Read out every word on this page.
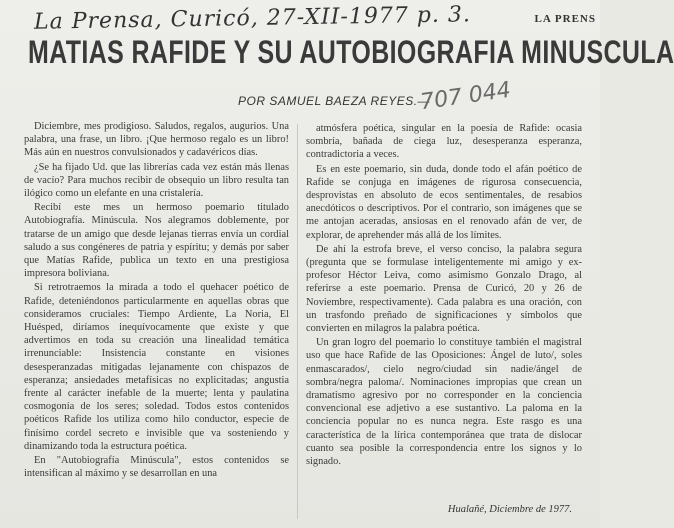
La Prensa, Curicó, 27-XII-1977 p. 3.	LA PRENS
MATIAS RAFIDE Y SU AUTOBIOGRAFIA MINUSCULA
POR SAMUEL BAEZA REYES.—
707 044

Diciembre, mes prodigioso. Saludos, regalos, augurios. Una palabra, una frase, un libro. ¡Que hermoso regalo es un libro! Más aún en nuestros convulsionados y cadavéricos días.

¿Se ha fijado Ud. que las librerías cada vez están más llenas de vacío? Para muchos recibir de obsequio un libro resulta tan ilógico como un elefante en una cristalería.

Recibí este mes un hermoso poemario titulado Autobiografía. Minúscula. Nos alegramos doblemente, por tratarse de un amigo que desde lejanas tierras envía un cordial saludo a sus congéneres de patria y espíritu; y demás por saber que Matías Rafide, publica un texto en una prestigiosa impresora boliviana.

Si retrotraemos la mirada a todo el quehacer poético de Rafide, deteniéndonos particularmente en aquellas obras que consideramos cruciales: Tiempo Ardiente, La Noria, El Huésped, diríamos inequívocamente que existe y que advertimos en toda su creación una linealidad temática irrenunciable: Insistencia constante en visiones desesperanzadas mitigadas lejanamente con chispazos de esperanza; ansiedades metafísicas no explicitadas; angustia frente al carácter inefable de la muerte; lenta y paulatina cosmogonía de los seres; soledad. Todos estos contenidos poéticos Rafide los utiliza como hilo conductor, especie de finísimo cordel secreto e invisible que va sosteniendo y dinamizando toda la estructura poética.

En "Autobiografía Minúscula", estos contenidos se intensifican al máximo y se desarrollan en una

atmósfera poética, singular en la poesía de Rafide: ocasia sombría, bañada de ciega luz, desesperanza esperanza, contradictoria a veces.

Es en este poemario, sin duda, donde todo el afán poético de Rafide se conjuga en imágenes de rigurosa consecuencia, desprovistas en absoluto de ecos sentimentales, de resabios anecdóticos o descriptivos. Por el contrario, son imágenes que se me antojan aceradas, ansiosas en el renovado afán de ver, de explorar, de aprehender más allá de los límites.

De ahí la estrofa breve, el verso conciso, la palabra segura (pregunta que se formulase inteligentemente mi amigo y ex-profesor Héctor Leiva, como asimismo Gonzalo Drago, al referirse a este poemario. Prensa de Curicó, 20 y 26 de Noviembre, respectivamente). Cada palabra es una oración, con un trasfondo preñado de significaciones y símbolos que convierten en milagros la palabra poética.

Un gran logro del poemario lo constituye también el magistral uso que hace Rafide de las Oposiciones: Ángel de luto/, soles enmascarados/, cielo negro/ciudad sin nadie/ángel de sombra/negra paloma/. Nominaciones impropias que crean un dramatismo agresivo por no corresponder en la conciencia convencional ese adjetivo a ese sustantivo. La paloma en la conciencia popular no es nunca negra. Este rasgo es una característica de la lírica contemporánea que trata de dislocar cuanto sea posible la correspondencia entre los signos y lo signado.

Hualañé, Diciembre de 1977.
